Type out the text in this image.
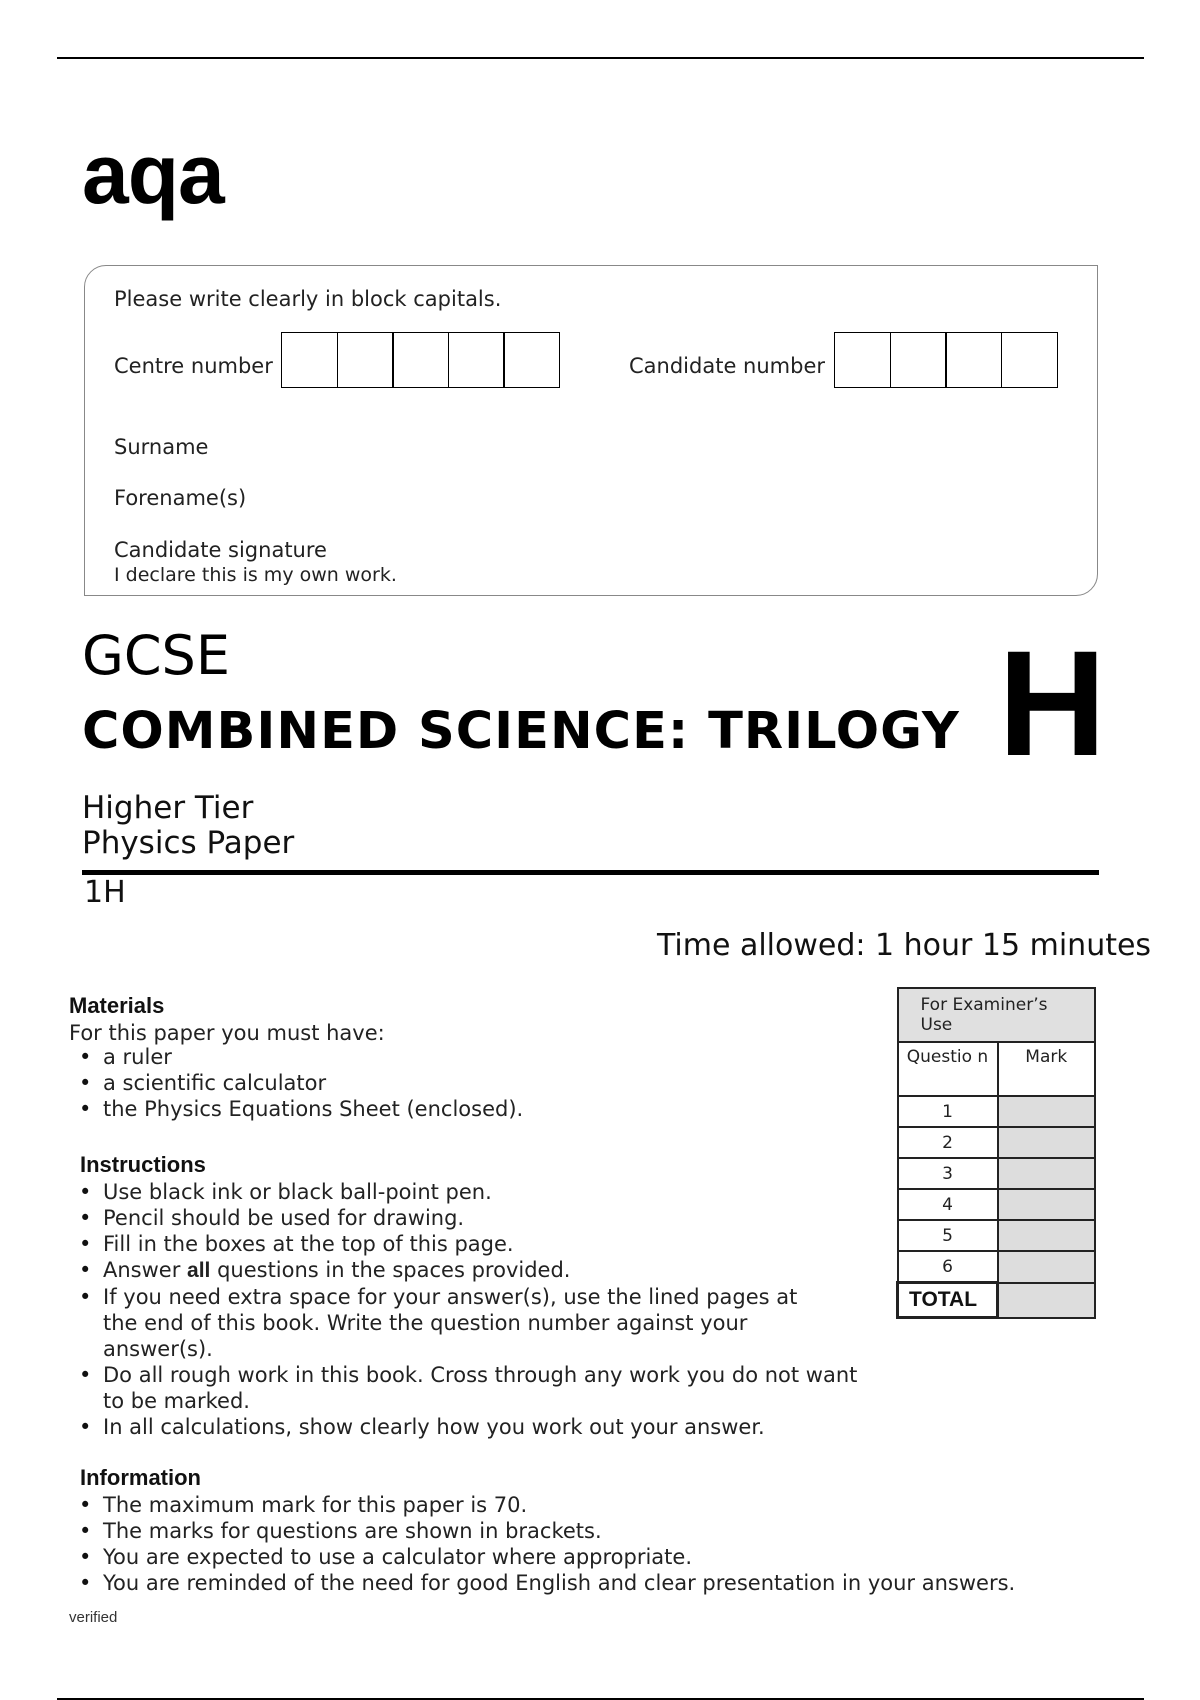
aqa
Please write clearly in block capitals.
Centre number	Candidate number
Surname
Forename(s)
Candidate signature
I declare this is my own work.
GCSE
COMBINED SCIENCE: TRILOGY H
Higher Tier
Physics Paper
1H
Time allowed: 1 hour 15 minutes
Materials
For this paper you must have:
• a ruler
• a scientific calculator
• the Physics Equations Sheet (enclosed).
Instructions
• Use black ink or black ball-point pen.
• Pencil should be used for drawing.
• Fill in the boxes at the top of this page.
• Answer all questions in the spaces provided.
• If you need extra space for your answer(s), use the lined pages at the end of this book. Write the question number against your answer(s).
• Do all rough work in this book. Cross through any work you do not want to be marked.
• In all calculations, show clearly how you work out your answer.
Information
• The maximum mark for this paper is 70.
• The marks for questions are shown in brackets.
• You are expected to use a calculator where appropriate.
• You are reminded of the need for good English and clear presentation in your answers.
For Examiner’s Use	
Questio n	Mark
1	
2	
3	
4	
5	
6	
TOTAL	
verified
